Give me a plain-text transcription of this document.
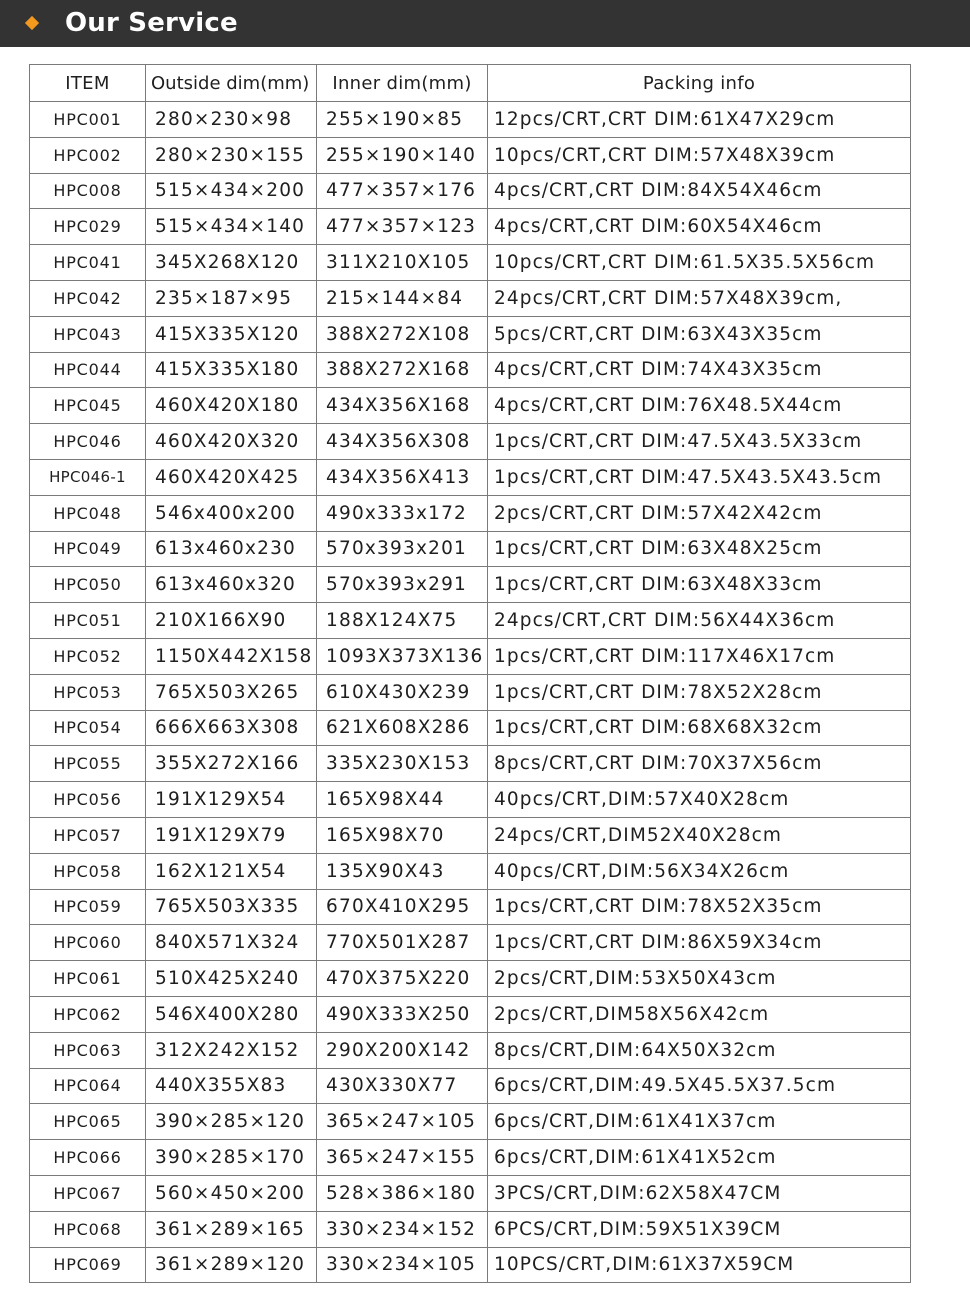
Our Service
ITEM	Outside dim(mm)	Inner dim(mm)	Packing info
HPC001	280×230×98	255×190×85	12pcs/CRT,CRT DIM:61X47X29cm
HPC002	280×230×155	255×190×140	10pcs/CRT,CRT DIM:57X48X39cm
HPC008	515×434×200	477×357×176	4pcs/CRT,CRT DIM:84X54X46cm
HPC029	515×434×140	477×357×123	4pcs/CRT,CRT DIM:60X54X46cm
HPC041	345X268X120	311X210X105	10pcs/CRT,CRT DIM:61.5X35.5X56cm
HPC042	235×187×95	215×144×84	24pcs/CRT,CRT DIM:57X48X39cm,
HPC043	415X335X120	388X272X108	5pcs/CRT,CRT DIM:63X43X35cm
HPC044	415X335X180	388X272X168	4pcs/CRT,CRT DIM:74X43X35cm
HPC045	460X420X180	434X356X168	4pcs/CRT,CRT DIM:76X48.5X44cm
HPC046	460X420X320	434X356X308	1pcs/CRT,CRT DIM:47.5X43.5X33cm
HPC046-1	460X420X425	434X356X413	1pcs/CRT,CRT DIM:47.5X43.5X43.5cm
HPC048	546x400x200	490x333x172	2pcs/CRT,CRT DIM:57X42X42cm
HPC049	613x460x230	570x393x201	1pcs/CRT,CRT DIM:63X48X25cm
HPC050	613x460x320	570x393x291	1pcs/CRT,CRT DIM:63X48X33cm
HPC051	210X166X90	188X124X75	24pcs/CRT,CRT DIM:56X44X36cm
HPC052	1150X442X158	1093X373X136	1pcs/CRT,CRT DIM:117X46X17cm
HPC053	765X503X265	610X430X239	1pcs/CRT,CRT DIM:78X52X28cm
HPC054	666X663X308	621X608X286	1pcs/CRT,CRT DIM:68X68X32cm
HPC055	355X272X166	335X230X153	8pcs/CRT,CRT DIM:70X37X56cm
HPC056	191X129X54	165X98X44	40pcs/CRT,DIM:57X40X28cm
HPC057	191X129X79	165X98X70	24pcs/CRT,DIM52X40X28cm
HPC058	162X121X54	135X90X43	40pcs/CRT,DIM:56X34X26cm
HPC059	765X503X335	670X410X295	1pcs/CRT,CRT DIM:78X52X35cm
HPC060	840X571X324	770X501X287	1pcs/CRT,CRT DIM:86X59X34cm
HPC061	510X425X240	470X375X220	2pcs/CRT,DIM:53X50X43cm
HPC062	546X400X280	490X333X250	2pcs/CRT,DIM58X56X42cm
HPC063	312X242X152	290X200X142	8pcs/CRT,DIM:64X50X32cm
HPC064	440X355X83	430X330X77	6pcs/CRT,DIM:49.5X45.5X37.5cm
HPC065	390×285×120	365×247×105	6pcs/CRT,DIM:61X41X37cm
HPC066	390×285×170	365×247×155	6pcs/CRT,DIM:61X41X52cm
HPC067	560×450×200	528×386×180	3PCS/CRT,DIM:62X58X47CM
HPC068	361×289×165	330×234×152	6PCS/CRT,DIM:59X51X39CM
HPC069	361×289×120	330×234×105	10PCS/CRT,DIM:61X37X59CM
